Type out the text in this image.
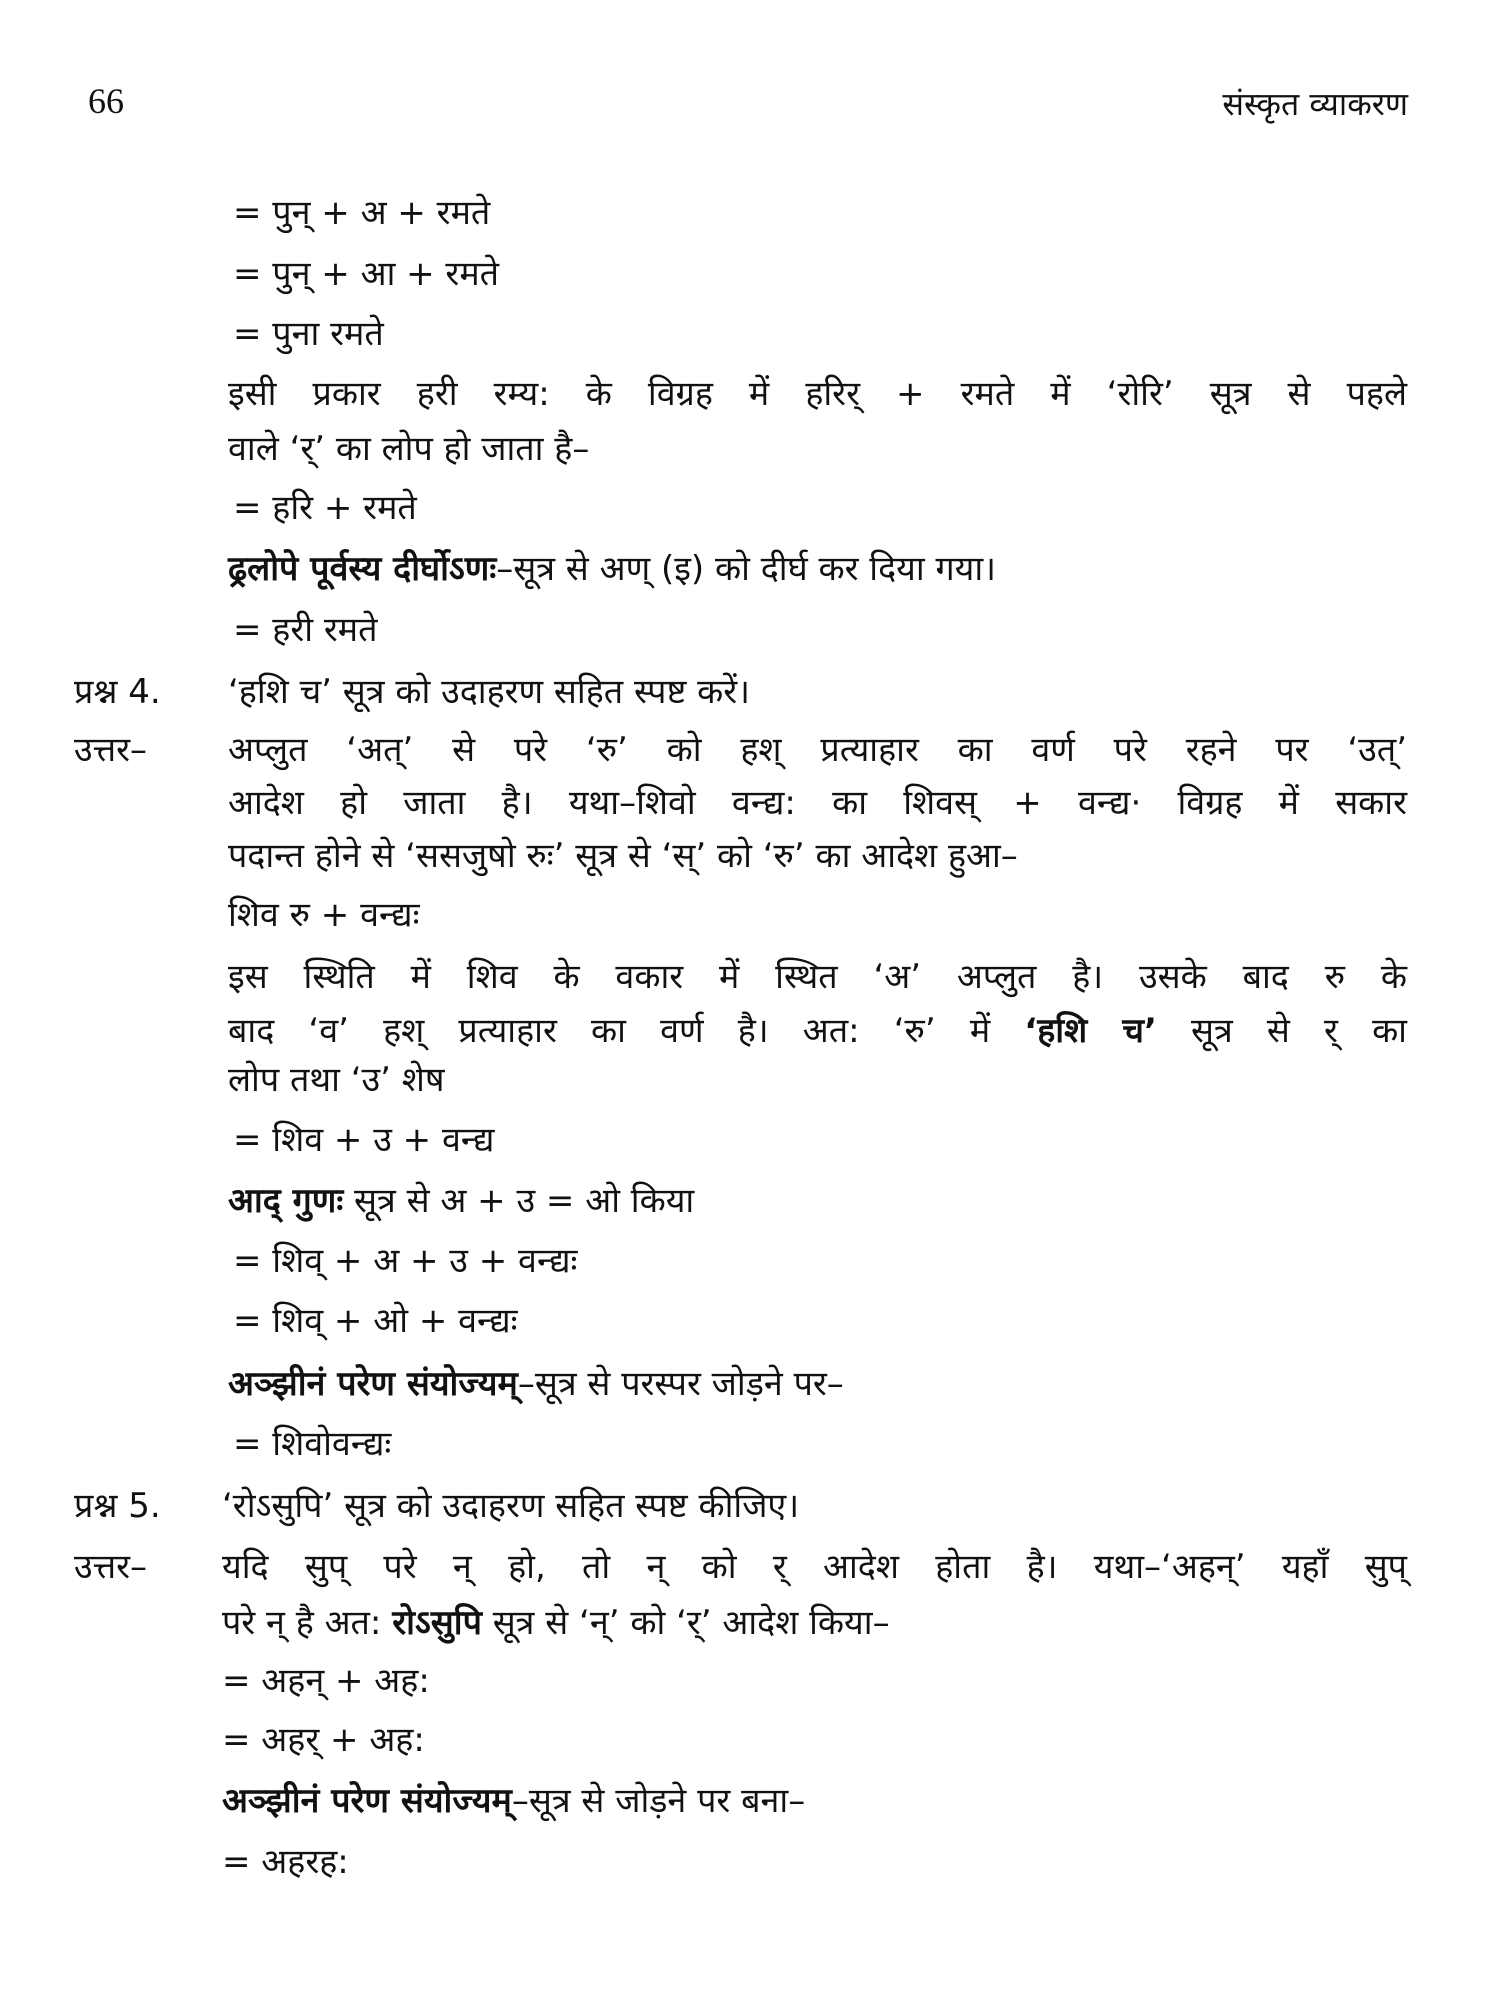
66	संस्कृत व्याकरण
प्रश्न 4.
उत्तर–
प्रश्न 5.
उत्तर–
= पुन् + अ + रमते
= पुन् + आ + रमते
= पुना रमते
इसी प्रकार हरी रम्य: के विग्रह में हरिर् + रमते में ‘रोरि’ सूत्र से पहले
वाले ‘र्’ का लोप हो जाता है–
= हरि + रमते
ढ्रलोपे पूर्वस्य दीर्घोऽणः–सूत्र से अण् (इ) को दीर्घ कर दिया गया।
= हरी रमते
‘हशि च’ सूत्र को उदाहरण सहित स्पष्ट करें।
अप्लुत ‘अत्’ से परे ‘रु’ को हश् प्रत्याहार का वर्ण परे रहने पर ‘उत्’
आदेश हो जाता है। यथा–शिवो वन्द्य: का शिवस् + वन्द्य· विग्रह में सकार
पदान्त होने से ‘ससजुषो रुः’ सूत्र से ‘स्’ को ‘रु’ का आदेश हुआ–
शिव रु + वन्द्यः
इस स्थिति में शिव के वकार में स्थित ‘अ’ अप्लुत है। उसके बाद रु के
बाद ‘व’ हश् प्रत्याहार का वर्ण है। अत: ‘रु’ में ‘हशि च’ सूत्र से र् का
लोप तथा ‘उ’ शेष
= शिव + उ + वन्द्य
आद् गुणः सूत्र से अ + उ = ओ किया
= शिव् + अ + उ + वन्द्यः
= शिव् + ओ + वन्द्यः
अञ्झीनं परेण संयोज्यम्–सूत्र से परस्पर जोड़ने पर–
= शिवोवन्द्यः
‘रोऽसुपि’ सूत्र को उदाहरण सहित स्पष्ट कीजिए।
यदि सुप् परे न् हो, तो न् को र् आदेश होता है। यथा–‘अहन्’ यहाँ सुप्
परे न् है अत: रोऽसुपि सूत्र से ‘न्’ को ‘र्’ आदेश किया–
= अहन् + अह:
= अहर् + अह:
अञ्झीनं परेण संयोज्यम्–सूत्र से जोड़ने पर बना–
= अहरह:
